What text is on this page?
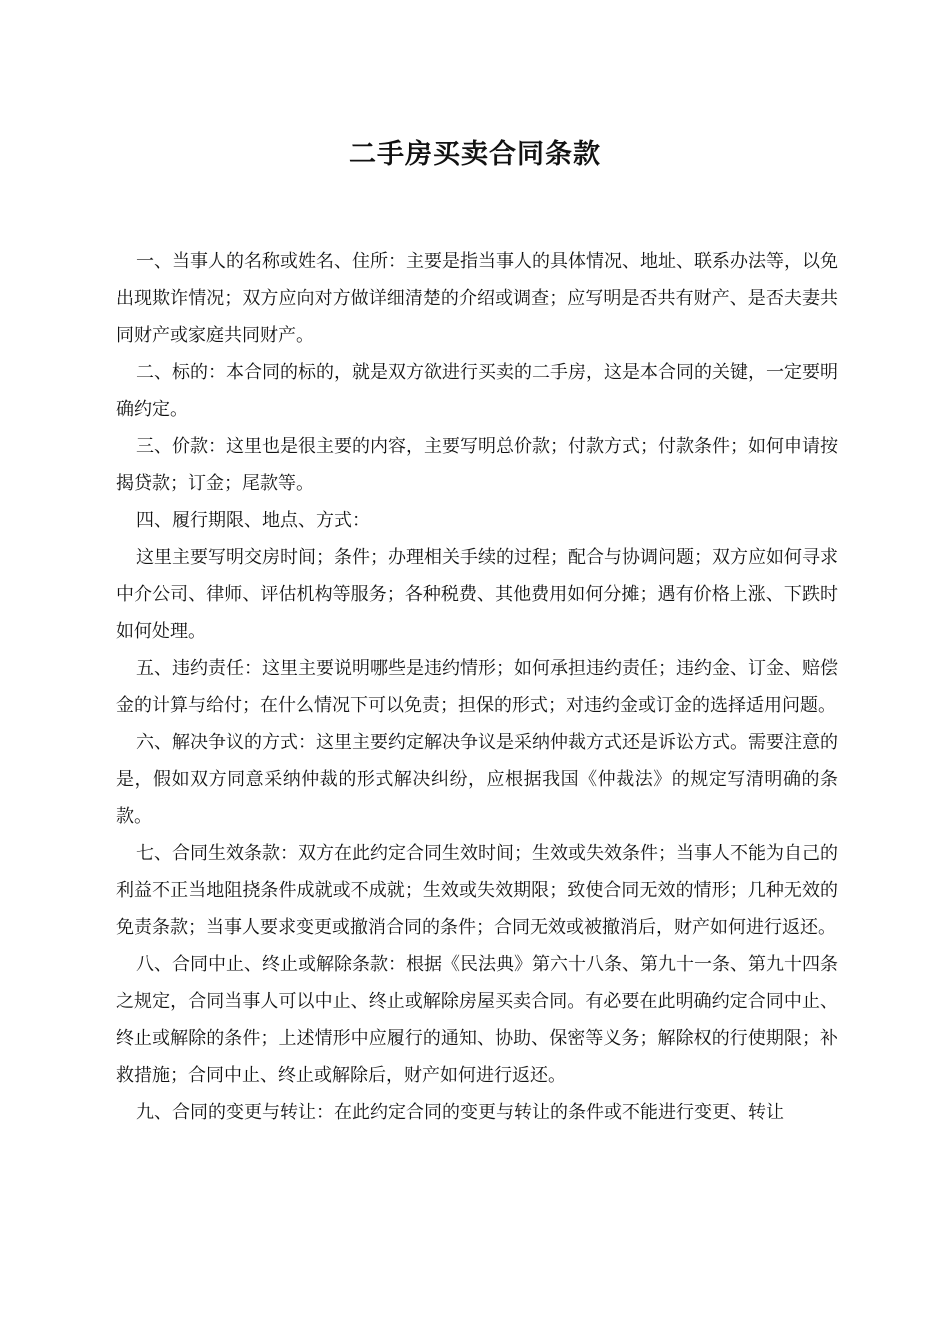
二手房买卖合同条款

一、当事人的名称或姓名、住所：主要是指当事人的具体情况、地址、联系办法等，以免出现欺诈情况；双方应向对方做详细清楚的介绍或调查；应写明是否共有财产、是否夫妻共同财产或家庭共同财产。

二、标的：本合同的标的，就是双方欲进行买卖的二手房，这是本合同的关键，一定要明确约定。

三、价款：这里也是很主要的内容，主要写明总价款；付款方式；付款条件；如何申请按揭贷款；订金；尾款等。

四、履行期限、地点、方式：

这里主要写明交房时间；条件；办理相关手续的过程；配合与协调问题；双方应如何寻求中介公司、律师、评估机构等服务；各种税费、其他费用如何分摊；遇有价格上涨、下跌时如何处理。

五、违约责任：这里主要说明哪些是违约情形；如何承担违约责任；违约金、订金、赔偿金的计算与给付；在什么情况下可以免责；担保的形式；对违约金或订金的选择适用问题。

六、解决争议的方式：这里主要约定解决争议是采纳仲裁方式还是诉讼方式。需要注意的是，假如双方同意采纳仲裁的形式解决纠纷，应根据我国《仲裁法》的规定写清明确的条款。

七、合同生效条款：双方在此约定合同生效时间；生效或失效条件；当事人不能为自己的利益不正当地阻挠条件成就或不成就；生效或失效期限；致使合同无效的情形；几种无效的免责条款；当事人要求变更或撤消合同的条件；合同无效或被撤消后，财产如何进行返还。

八、合同中止、终止或解除条款：根据《民法典》第六十八条、第九十一条、第九十四条之规定，合同当事人可以中止、终止或解除房屋买卖合同。有必要在此明确约定合同中止、终止或解除的条件；上述情形中应履行的通知、协助、保密等义务；解除权的行使期限；补救措施；合同中止、终止或解除后，财产如何进行返还。

九、合同的变更与转让：在此约定合同的变更与转让的条件或不能进行变更、转让
